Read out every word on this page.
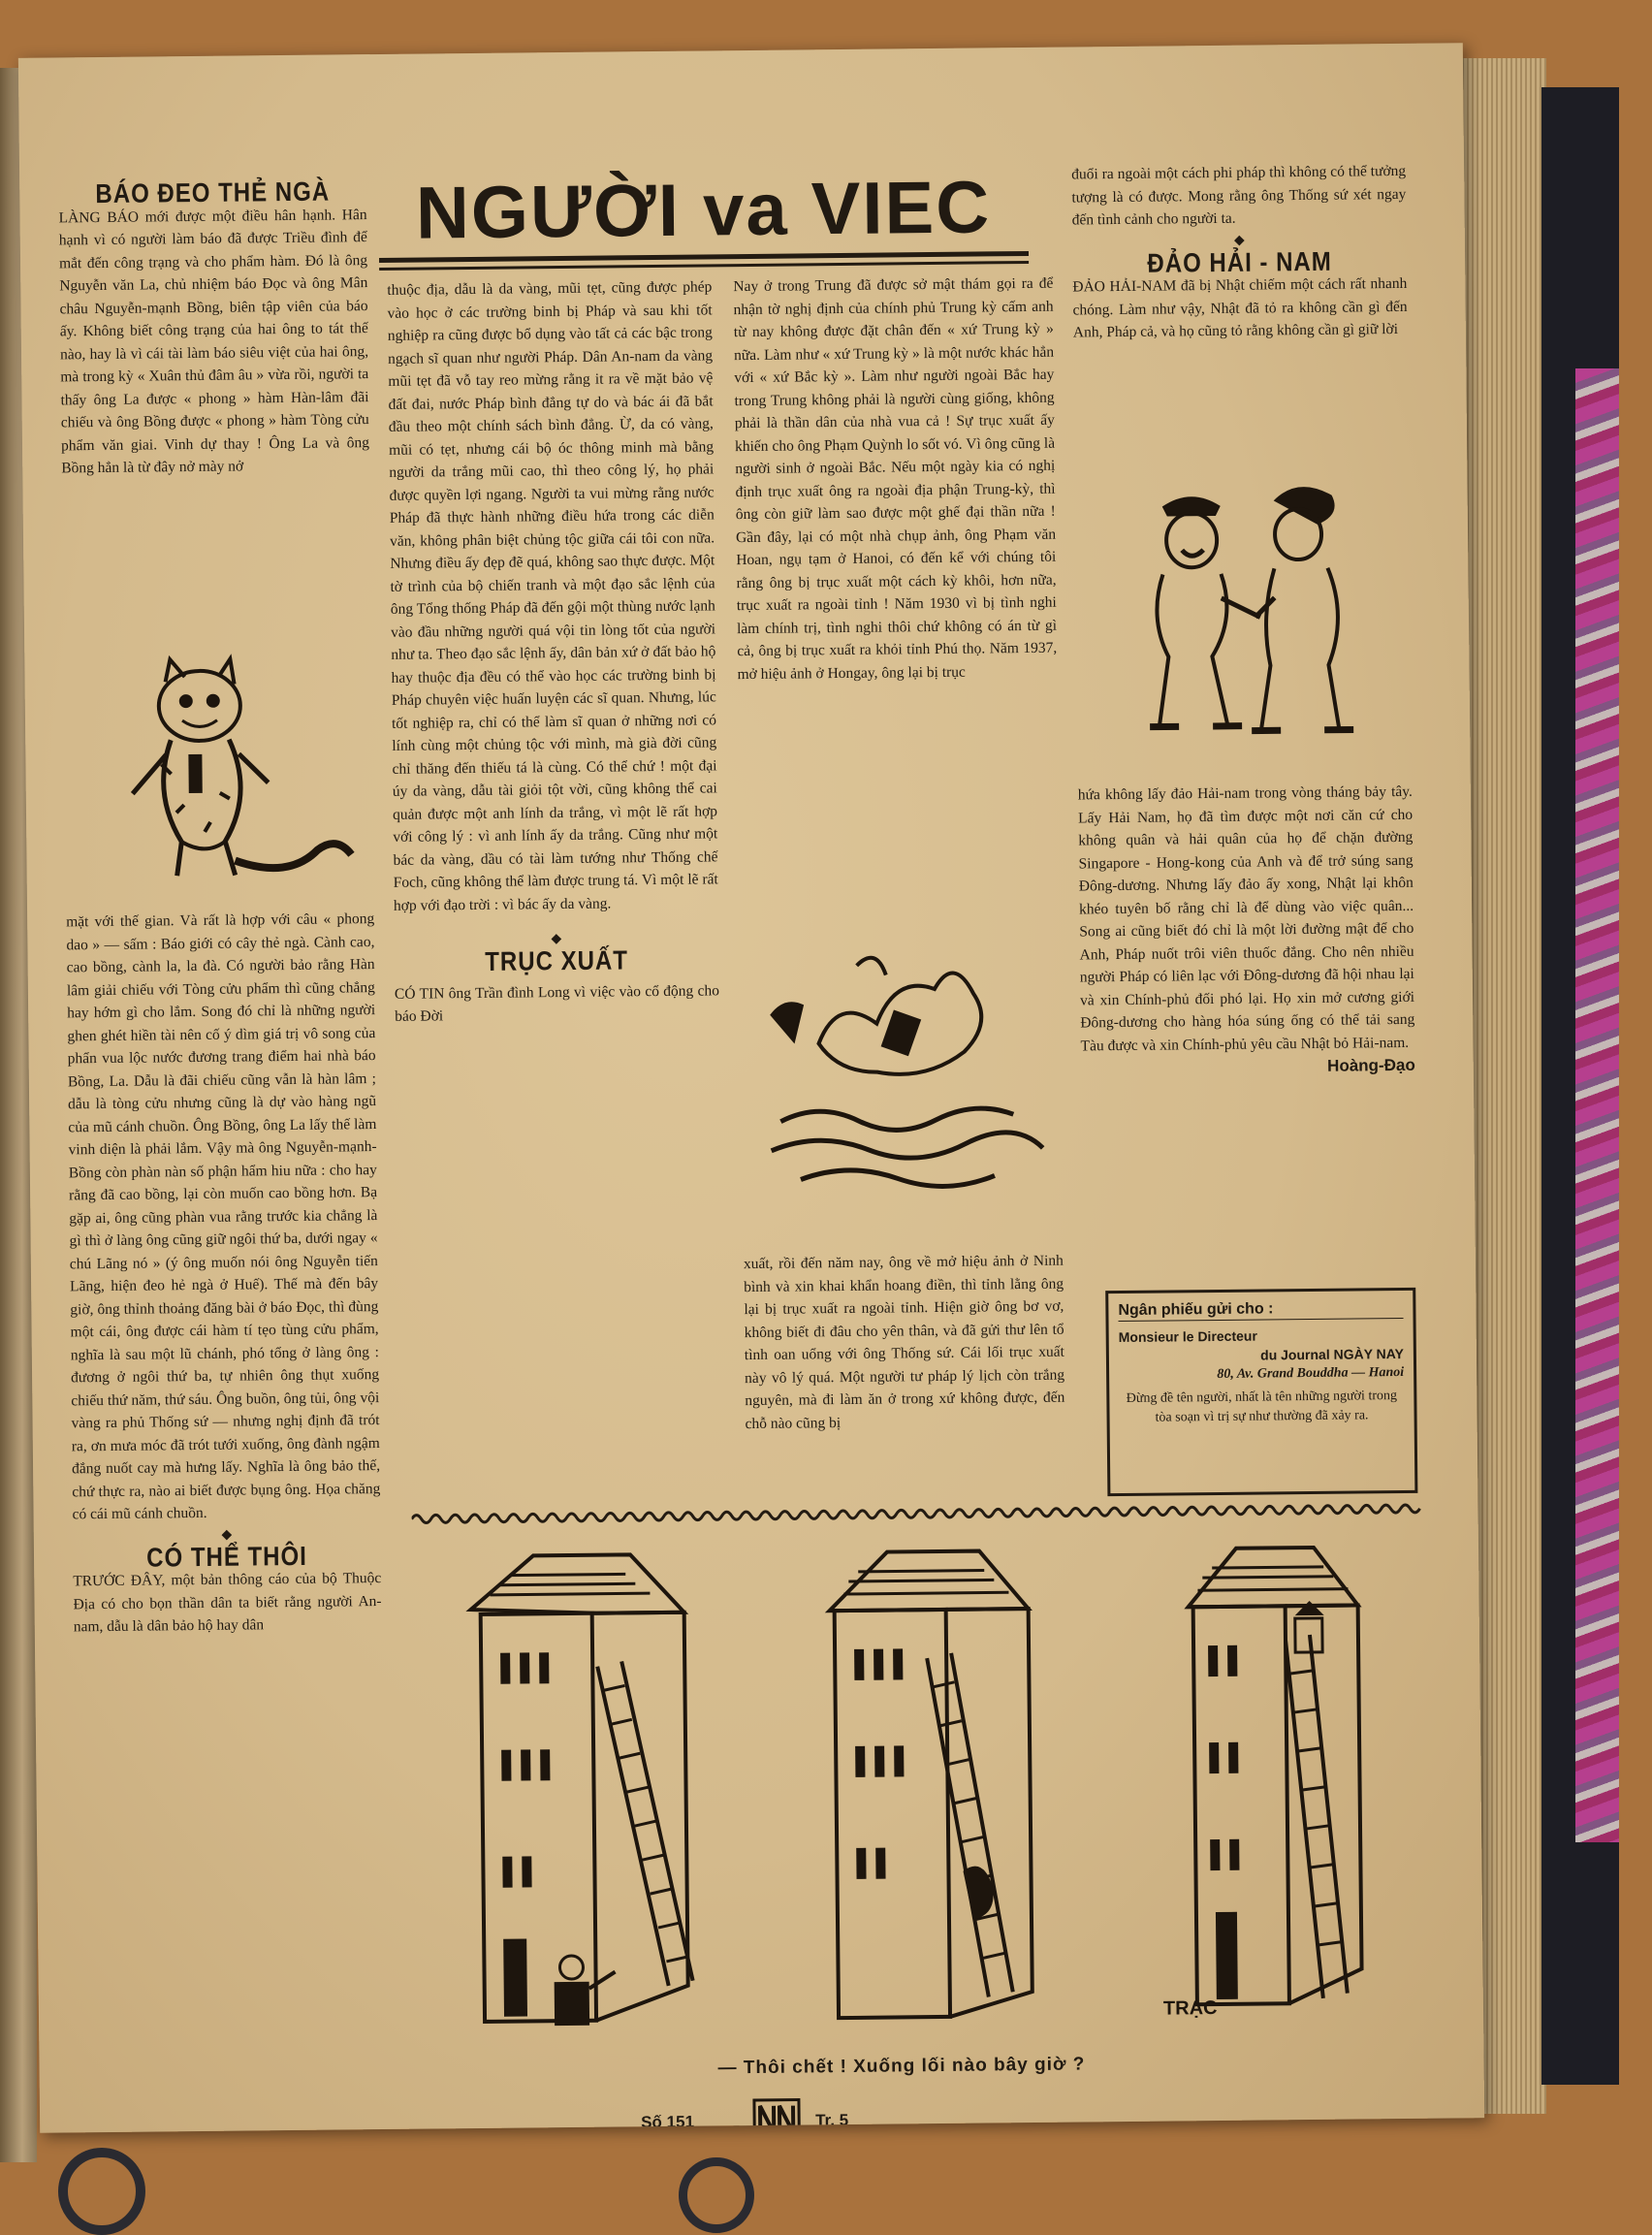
NGƯỜI va VIEC
BÁO ĐEO THẺ NGÀ

LÀNG BÁO mới được một điều hân hạnh. Hân hạnh vì có người làm báo đã được Triều đình để mắt đến công trạng và cho phẩm hàm. Đó là ông Nguyễn văn La, chủ nhiệm báo Đọc và ông Mân châu Nguyễn-mạnh Bồng, biên tập viên của báo ấy. Không biết công trạng của hai ông to tát thế nào, hay là vì cái tài làm báo siêu việt của hai ông, mà trong kỳ « Xuân thủ đâm âu » vừa rồi, người ta thấy ông La được « phong » hàm Hàn-lâm đãi chiếu và ông Bồng được « phong » hàm Tòng cửu phẩm văn giai. Vinh dự thay ! Ông La và ông Bồng hẳn là từ đây nở mày nở

mặt với thế gian. Và rất là hợp với câu « phong dao » — sấm : Báo giới có cây thẻ ngà. Cành cao, cao bồng, cành la, la đà. Có người bảo rằng Hàn lâm giải chiếu với Tòng cửu phẩm thì cũng chẳng hay hớm gì cho lắm. Song đó chỉ là những người ghen ghét hiền tài nên cố ý dìm giá trị vô song của phẩn vua lộc nước đương trang điểm hai nhà báo Bồng, La. Dẫu là đãi chiếu cũng vẫn là hàn lâm ; dẫu là tòng cửu nhưng cũng là dự vào hàng ngũ của mũ cánh chuồn. Ông Bồng, ông La lấy thế làm vinh diện là phải lắm. Vậy mà ông Nguyễn-mạnh-Bồng còn phàn nàn số phận hẩm hiu nữa : cho hay rằng đã cao bồng, lại còn muốn cao bồng hơn. Bạ gặp ai, ông cũng phàn vua rằng trước kia chẳng là gì thì ở làng ông cũng giữ ngôi thứ ba, dưới ngay « chú Lãng nó » (ý ông muốn nói ông Nguyễn tiến Lãng, hiện đeo hẻ ngà ở Huế). Thế mà đến bây giờ, ông thỉnh thoảng đăng bài ở báo Đọc, thì đùng một cái, ông được cái hàm tí tẹo tùng cửu phẩm, nghĩa là sau một lũ chánh, phó tổng ở làng ông : đương ở ngôi thứ ba, tự nhiên ông thụt xuống chiếu thứ năm, thứ sáu. Ông buồn, ông tủi, ông vội vàng ra phủ Thống sứ — nhưng nghị định đã trót ra, ơn mưa móc đã trót tưới xuống, ông đành ngậm đắng nuốt cay mà hưng lấy. Nghĩa là ông bảo thế, chứ thực ra, nào ai biết được bụng ông. Họa chăng có cái mũ cánh chuồn.

◆
CÓ THỂ THÔI

TRƯỚC ĐÂY, một bản thông cáo của bộ Thuộc Địa có cho bọn thần dân ta biết rằng người An-nam, dẫu là dân bảo hộ hay dân

thuộc địa, dẫu là da vàng, mũi tẹt, cũng được phép vào học ở các trường binh bị Pháp và sau khi tốt nghiệp ra cũng được bổ dụng vào tất cả các bậc trong ngạch sĩ quan như người Pháp. Dân An-nam da vàng mũi tẹt đã vỗ tay reo mừng rằng it ra về mặt bảo vệ đất đai, nước Pháp bình đẳng tự do và bác ái đã bắt đầu theo một chính sách bình đẳng. Ừ, da có vàng, mũi có tẹt, nhưng cái bộ óc thông minh mà bằng người da trắng mũi cao, thì theo công lý, họ phải được quyền lợi ngang. Người ta vui mừng rằng nước Pháp đã thực hành những điều hứa trong các diễn văn, không phân biệt chủng tộc giữa cái tôi con nữa. Nhưng điều ấy đẹp đẽ quá, không sao thực được. Một tờ trình của bộ chiến tranh và một đạo sắc lệnh của ông Tổng thống Pháp đã đến gội một thùng nước lạnh vào đầu những người quá vội tin lòng tốt của người như ta. Theo đạo sắc lệnh ấy, dân bản xứ ở đất bảo hộ hay thuộc địa đều có thể vào học các trường binh bị Pháp chuyên việc huấn luyện các sĩ quan. Nhưng, lúc tốt nghiệp ra, chỉ có thể làm sĩ quan ở những nơi có lính cùng một chủng tộc với mình, mà già đời cũng chỉ thăng đến thiếu tá là cùng. Có thể chứ ! một đại úy da vàng, dẫu tài giỏi tột vời, cũng không thể cai quản được một anh lính da trắng, vì một lẽ rất hợp với công lý : vì anh lính ấy da trắng. Cũng như một bác da vàng, dầu có tài làm tướng như Thống chế Foch, cũng không thể làm được trung tá. Vì một lẽ rất hợp với đạo trời : vì bác ấy da vàng.

◆
TRỤC XUẤT

CÓ TIN ông Trần đình Long vì việc vào cổ động cho báo Đời

Nay ở trong Trung đã được sở mật thám gọi ra để nhận tờ nghị định của chính phủ Trung kỳ cấm anh từ nay không được đặt chân đến « xứ Trung kỳ » nữa. Làm như « xứ Trung kỳ » là một nước khác hẳn với « xứ Bắc kỳ ». Làm như người ngoài Bắc hay trong Trung không phải là người cùng giống, không phải là thần dân của nhà vua cả ! Sự trục xuất ấy khiến cho ông Phạm Quỳnh lo sốt vó. Vì ông cũng là người sinh ở ngoài Bắc. Nếu một ngày kia có nghị định trục xuất ông ra ngoài địa phận Trung-kỳ, thì ông còn giữ làm sao được một ghế đại thần nữa ! Gần đây, lại có một nhà chụp ảnh, ông Phạm văn Hoan, ngụ tạm ở Hanoi, có đến kể với chúng tôi rằng ông bị trục xuất một cách kỳ khôi, hơn nữa, trục xuất ra ngoài tỉnh ! Năm 1930 vì bị tình nghi làm chính trị, tình nghi thôi chứ không có án từ gì cả, ông bị trục xuất ra khỏi tỉnh Phú thọ. Năm 1937, mở hiệu ảnh ở Hongay, ông lại bị trục

xuất, rồi đến năm nay, ông về mở hiệu ảnh ở Ninh bình và xin khai khẩn hoang điền, thì tỉnh lằng ông lại bị trục xuất ra ngoài tỉnh. Hiện giờ ông bơ vơ, không biết đi đâu cho yên thân, và đã gửi thư lên tổ tình oan uổng với ông Thống sứ. Cái lối trục xuất này vô lý quá. Một người tư pháp lý lịch còn trắng nguyên, mà đi làm ăn ở trong xứ không được, đến chỗ nào cũng bị

đuổi ra ngoài một cách phi pháp thì không có thể tưởng tượng là có được. Mong rằng ông Thống sứ xét ngay đến tình cảnh cho người ta.

◆
ĐẢO HẢI - NAM

ĐẢO HẢI-NAM đã bị Nhật chiếm một cách rất nhanh chóng. Làm như vậy, Nhật đã tỏ ra không cần gì đến Anh, Pháp cả, và họ cũng tỏ rằng không cần gì giữ lời

hứa không lấy đảo Hải-nam trong vòng tháng bảy tây. Lấy Hải Nam, họ đã tìm được một nơi căn cứ cho không quân và hải quân của họ để chặn đường Singapore - Hong-kong của Anh và để trở súng sang Đông-dương. Nhưng lấy đảo ấy xong, Nhật lại khôn khéo tuyên bố rằng chỉ là để dùng vào việc quân... Song ai cũng biết đó chỉ là một lời đường mật để cho Anh, Pháp nuốt trôi viên thuốc đắng. Cho nên nhiều người Pháp có liên lạc với Đông-dương đã hội nhau lại và xin Chính-phủ đối phó lại. Họ xin mở cương giới Đông-dương cho hàng hóa súng ống có thể tải sang Tàu được và xin Chính-phủ yêu cầu Nhật bỏ Hải-nam.

Hoàng-Đạo
Ngân phiếu gửi cho :
Monsieur le Directeur
du Journal NGÀY NAY
80, Av. Grand Bouddha — Hanoi
Đừng đề tên người, nhất là tên những người trong tòa soạn vì trị sự như thường đã xảy ra.
TRẠC
— Thôi chết ! Xuống lối nào bây giờ ?
Số 151	Tr. 5
